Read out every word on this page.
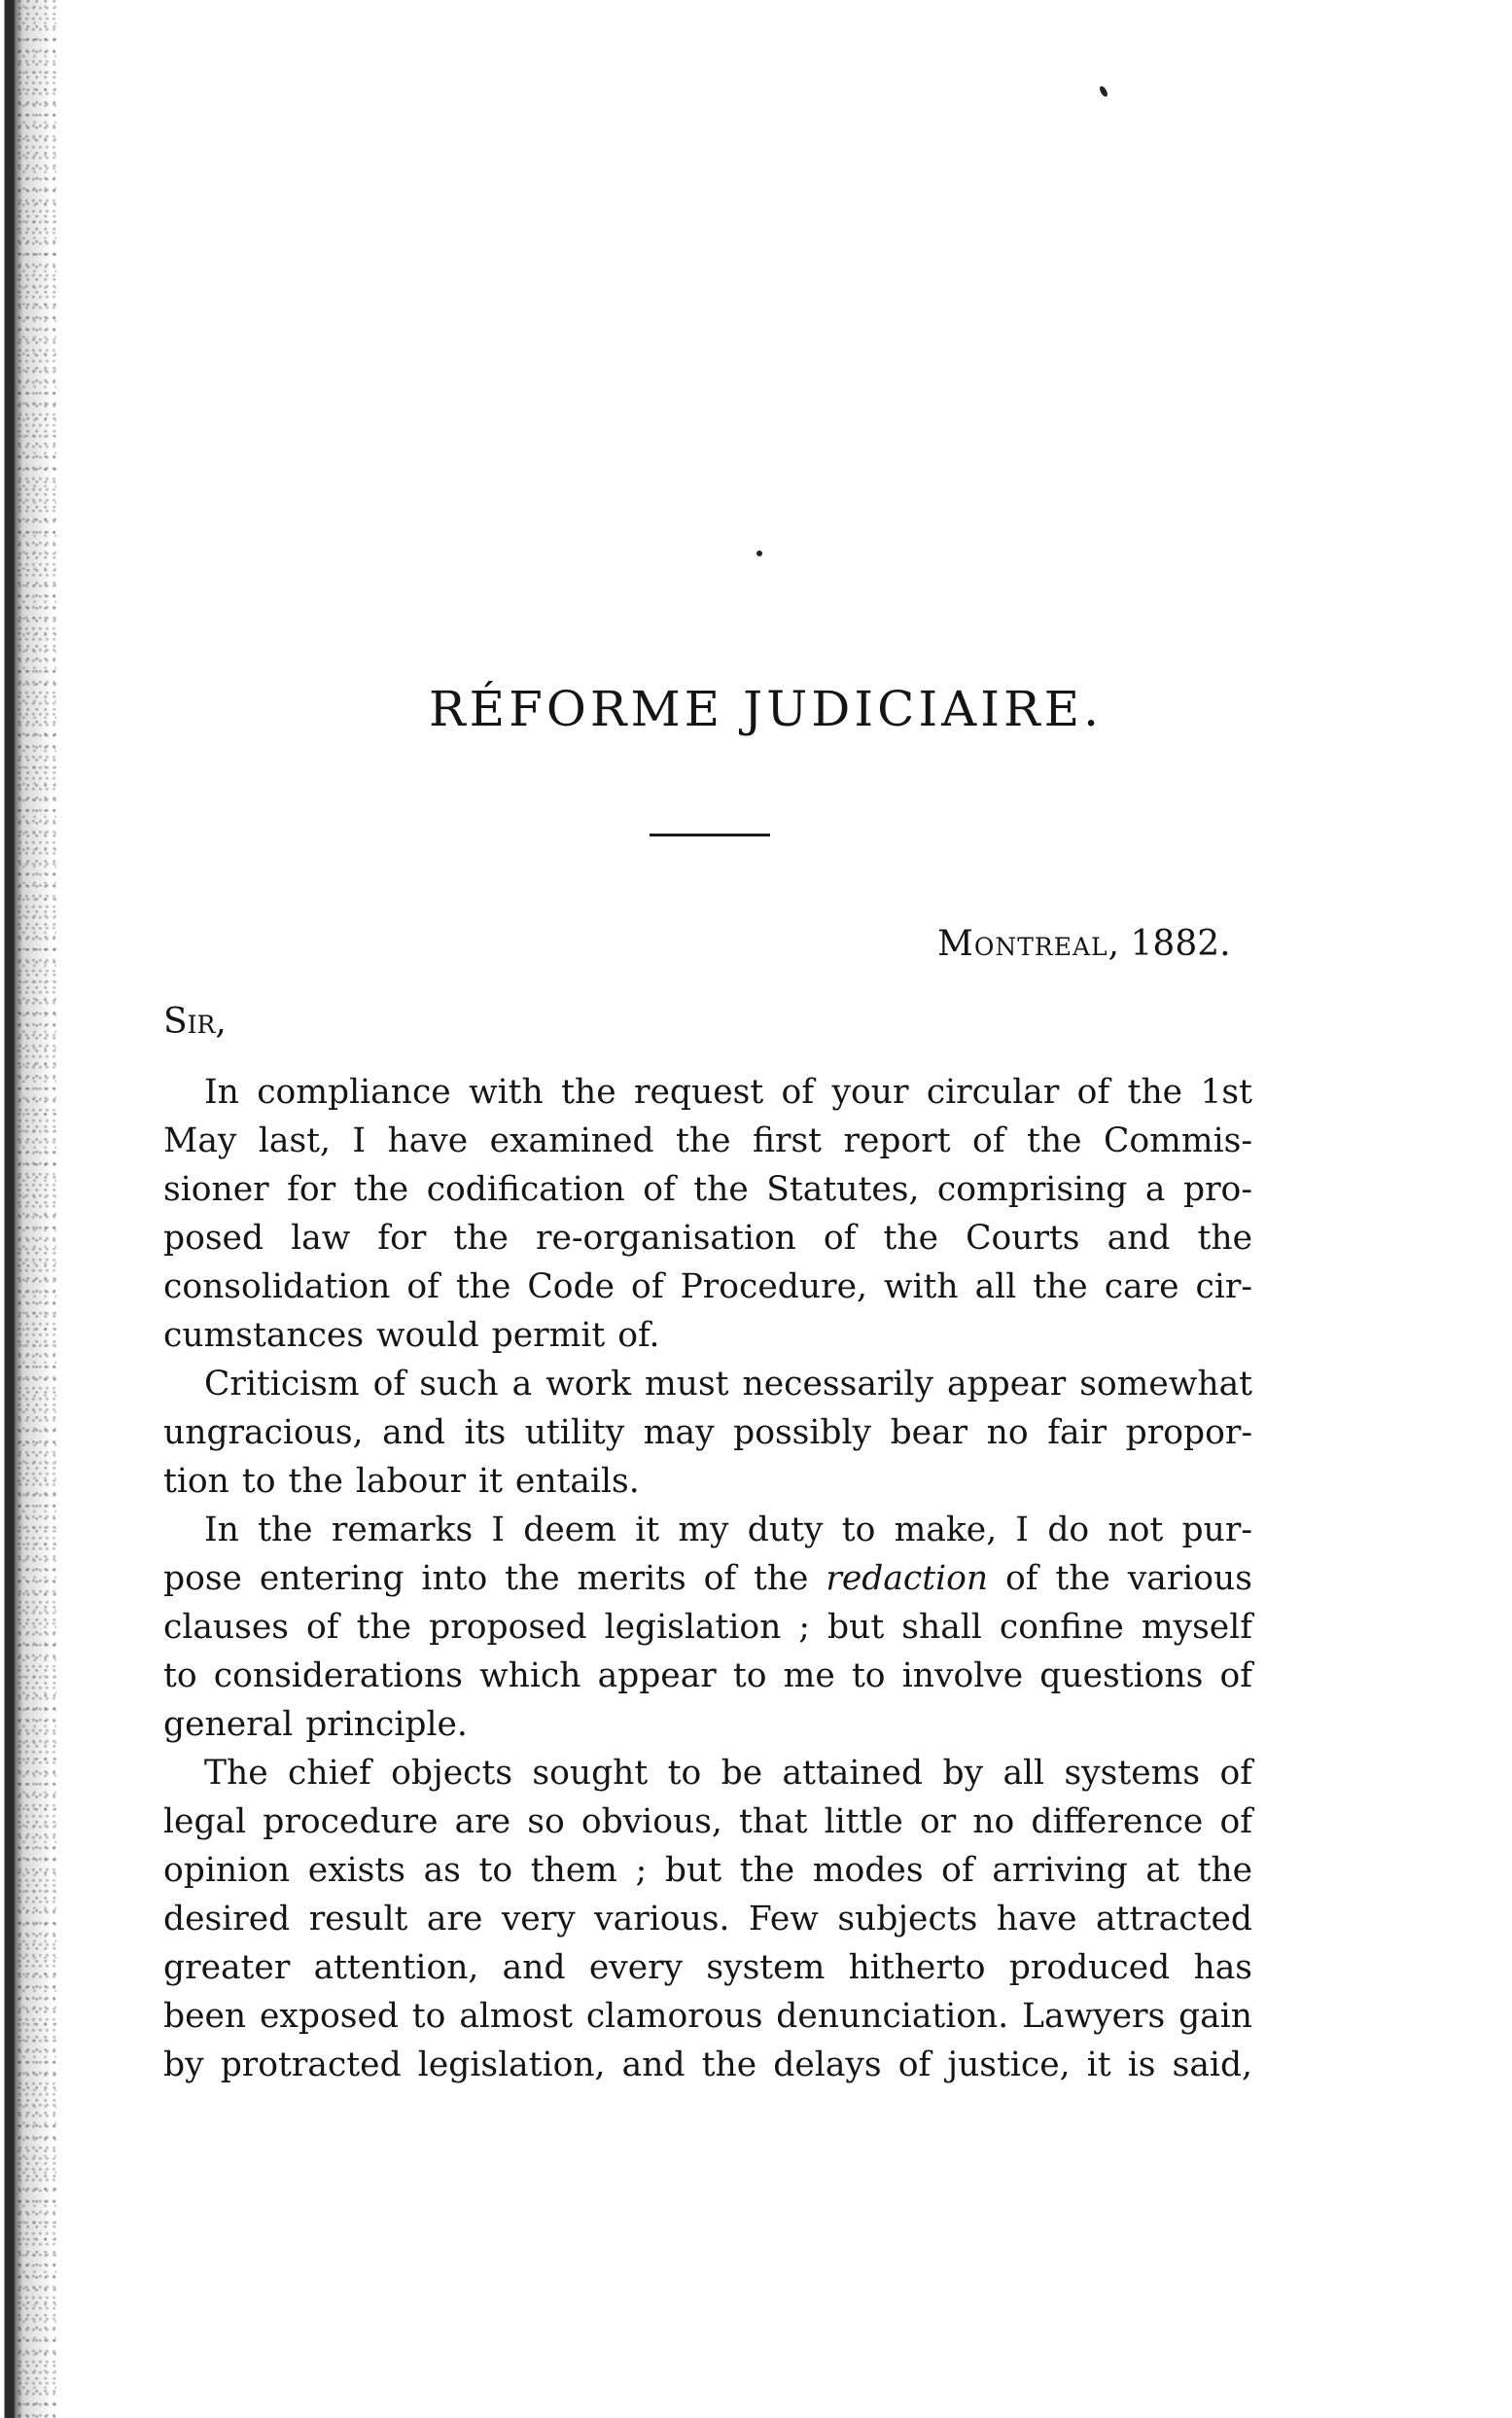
RÉFORME JUDICIAIRE.
Montreal, 1882.
Sir,
In compliance with the request of your circular of the 1st
May last, I have examined the first report of the Commis-
sioner for the codification of the Statutes, comprising a pro-
posed law for the re-organisation of the Courts and the
consolidation of the Code of Procedure, with all the care cir-
cumstances would permit of.
Criticism of such a work must necessarily appear somewhat
ungracious, and its utility may possibly bear no fair propor-
tion to the labour it entails.
In the remarks I deem it my duty to make, I do not pur-
pose entering into the merits of the redaction of the various
clauses of the proposed legislation ; but shall confine myself
to considerations which appear to me to involve questions of
general principle.
The chief objects sought to be attained by all systems of
legal procedure are so obvious, that little or no difference of
opinion exists as to them ; but the modes of arriving at the
desired result are very various. Few subjects have attracted
greater attention, and every system hitherto produced has
been exposed to almost clamorous denunciation. Lawyers gain
by protracted legislation, and the delays of justice, it is said,
